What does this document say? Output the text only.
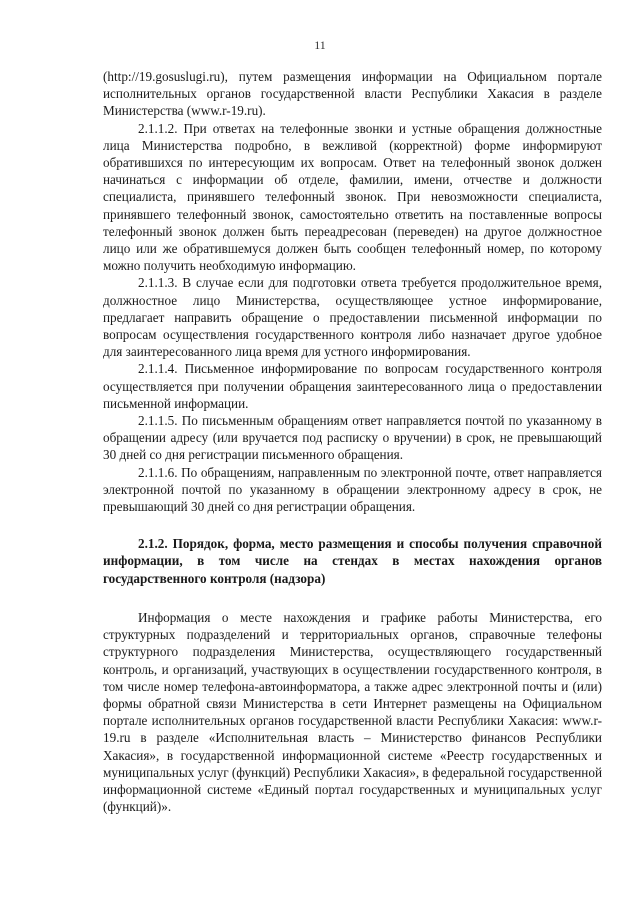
11

(http://19.gosuslugi.ru), путем размещения информации на Официальном портале исполнительных органов государственной власти Республики Хакасия в разделе Министерства (www.r-19.ru).

2.1.1.2. При ответах на телефонные звонки и устные обращения должностные лица Министерства подробно, в вежливой (корректной) форме информируют обратившихся по интересующим их вопросам. Ответ на телефонный звонок должен начинаться с информации об отделе, фамилии, имени, отчестве и должности специалиста, принявшего телефонный звонок. При невозможности специалиста, принявшего телефонный звонок, самостоятельно ответить на поставленные вопросы телефонный звонок должен быть переадресован (переведен) на другое должностное лицо или же обратившемуся должен быть сообщен телефонный номер, по которому можно получить необходимую информацию.

2.1.1.3. В случае если для подготовки ответа требуется продолжительное время, должностное лицо Министерства, осуществляющее устное информирование, предлагает направить обращение о предоставлении письменной информации по вопросам осуществления государственного контроля либо назначает другое удобное для заинтересованного лица время для устного информирования.

2.1.1.4. Письменное информирование по вопросам государственного контроля осуществляется при получении обращения заинтересованного лица о предоставлении письменной информации.

2.1.1.5. По письменным обращениям ответ направляется почтой по указанному в обращении адресу (или вручается под расписку о вручении) в срок, не превышающий 30 дней со дня регистрации письменного обращения.

2.1.1.6. По обращениям, направленным по электронной почте, ответ направляется электронной почтой по указанному в обращении электронному адресу в срок, не превышающий 30 дней со дня регистрации обращения.

2.1.2. Порядок, форма, место размещения и способы получения справочной информации, в том числе на стендах в местах нахождения органов государственного контроля (надзора)

Информация о месте нахождения и графике работы Министерства, его структурных подразделений и территориальных органов, справочные телефоны структурного подразделения Министерства, осуществляющего государственный контроль, и организаций, участвующих в осуществлении государственного контроля, в том числе номер телефона-автоинформатора, а также адрес электронной почты и (или) формы обратной связи Министерства в сети Интернет размещены на Официальном портале исполнительных органов государственной власти Республики Хакасия: www.r-19.ru в разделе «Исполнительная власть – Министерство финансов Республики Хакасия», в государственной информационной системе «Реестр государственных и муниципальных услуг (функций) Республики Хакасия», в федеральной государственной информационной системе «Единый портал государственных и муниципальных услуг (функций)».
